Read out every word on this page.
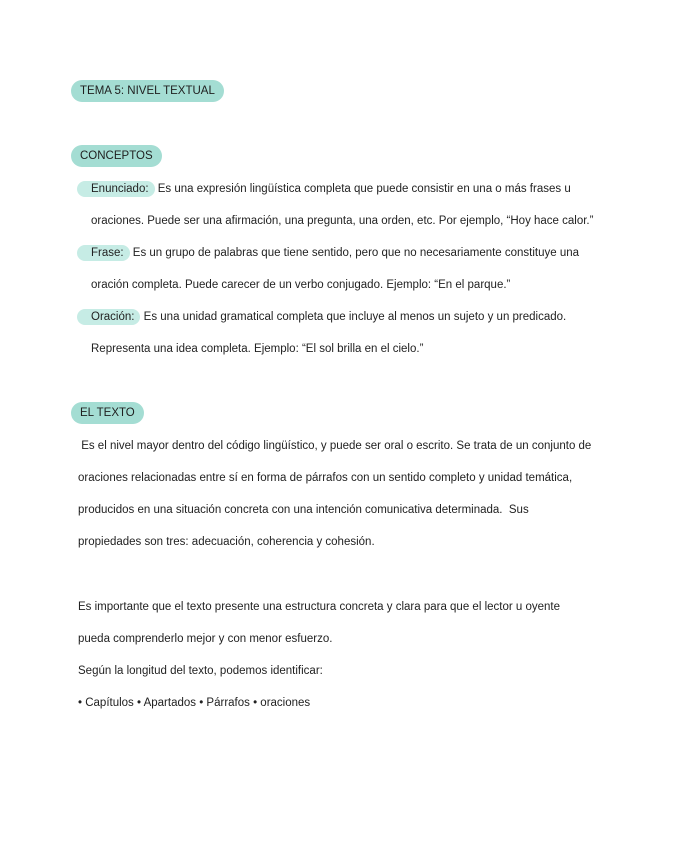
TEMA 5: NIVEL TEXTUAL
CONCEPTOS
Enunciado: Es una expresión lingüística completa que puede consistir en una o más frases u
oraciones. Puede ser una afirmación, una pregunta, una orden, etc. Por ejemplo, “Hoy hace calor.”
Frase: Es un grupo de palabras que tiene sentido, pero que no necesariamente constituye una
oración completa. Puede carecer de un verbo conjugado. Ejemplo: “En el parque.”
Oración: Es una unidad gramatical completa que incluye al menos un sujeto y un predicado.
Representa una idea completa. Ejemplo: “El sol brilla en el cielo.”
EL TEXTO
Es el nivel mayor dentro del código lingüístico, y puede ser oral o escrito. Se trata de un conjunto de
oraciones relacionadas entre sí en forma de párrafos con un sentido completo y unidad temática,
producidos en una situación concreta con una intención comunicativa determinada.  Sus
propiedades son tres: adecuación, coherencia y cohesión.
Es importante que el texto presente una estructura concreta y clara para que el lector u oyente
pueda comprenderlo mejor y con menor esfuerzo.
Según la longitud del texto, podemos identificar:
• Capítulos • Apartados • Párrafos • oraciones
